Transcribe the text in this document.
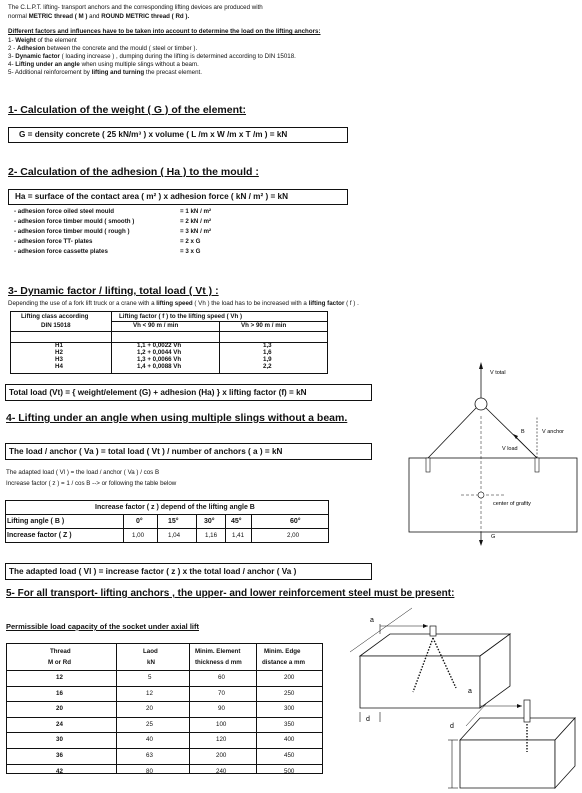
The C.L.P.T. lifting- transport anchors and the corresponding lifting devices are produced with
normal METRIC thread ( M ) and ROUND METRIC thread ( Rd ).
Different factors and influences have to be taken into account to determine the load on the lifting anchors:
1- Weight of the element
2 - Adhesion between the concrete and the mould ( steel or timber ).
3- Dynamic factor ( loading increase ) , dumping during the lifting is determined according to DIN 15018.
4- Lifting under an angle when using multiple slings without a beam.
5- Additional reinforcement by lifting and turning the precast element.
1- Calculation of the weight ( G ) of the element:
G = density concrete ( 25 kN/m³ ) x volume ( L /m x W /m x T /m ) = kN
2- Calculation of the adhesion ( Ha ) to the mould :
Ha = surface of the contact area ( m² ) x adhesion force ( kN / m² ) = kN
- adhesion force oiled steel mould	= 1 kN / m²
- adhesion force timber mould ( smooth )	= 2 kN / m²
- adhesion force timber mould ( rough )	= 3 kN / m²
- adhesion force TT- plates	= 2 x G
- adhesion force cassette plates	= 3 x G
3- Dynamic factor / lifting, total load ( Vt ) :
Depending the use of a fork lift truck or a crane with a lifting speed ( Vh ) the load has to be increased with a lifting factor ( f ) .
Lifting class according
DIN 15018
Lifting factor ( f ) to the lifting speed ( Vh )
Vh < 90 m / min	Vh > 90 m / min
H1	1,1 + 0,0022 Vh	1,3
H2	1,2 + 0,0044 Vh	1,6
H3	1,3 + 0,0066 Vh	1,9
H4	1,4 + 0,0088 Vh	2,2
Total load (Vt) = { weight/element (G) + adhesion (Ha) } x lifting factor (f) = kN
4- Lifting under an angle when using multiple slings without a beam.
The load / anchor ( Va ) = total load ( Vt ) / number of anchors ( a ) = kN
The adapted load ( Vl ) = the load / anchor ( Va ) / cos B
Increase factor ( z ) = 1 / cos B --> or following the table below
Increase factor ( z ) depend of the lifting angle B
Lifting angle ( B )	0°	15°	30° 45°	60°
Increase factor ( Z )	1,00	1,04	1,16 1,41	2,00
The adapted load ( Vl ) = increase factor ( z ) x the total load / anchor ( Va )
V total
B	V anchor
V load
center of grafity
G
5- For all transport- lifting anchors , the upper- and lower reinforcement steel must be present:
Permissible load capacity of the socket under axial lift
Thread
M or Rd
Laod
kN
Minim. Element
thickness d mm
Minim. Edge
distance a mm
12	5	60	200
16	12	70	250
20	20	90	300
24	25	100	350
30	40	120	400
36	63	200	450
42	80	240	500
a
a
d
d
